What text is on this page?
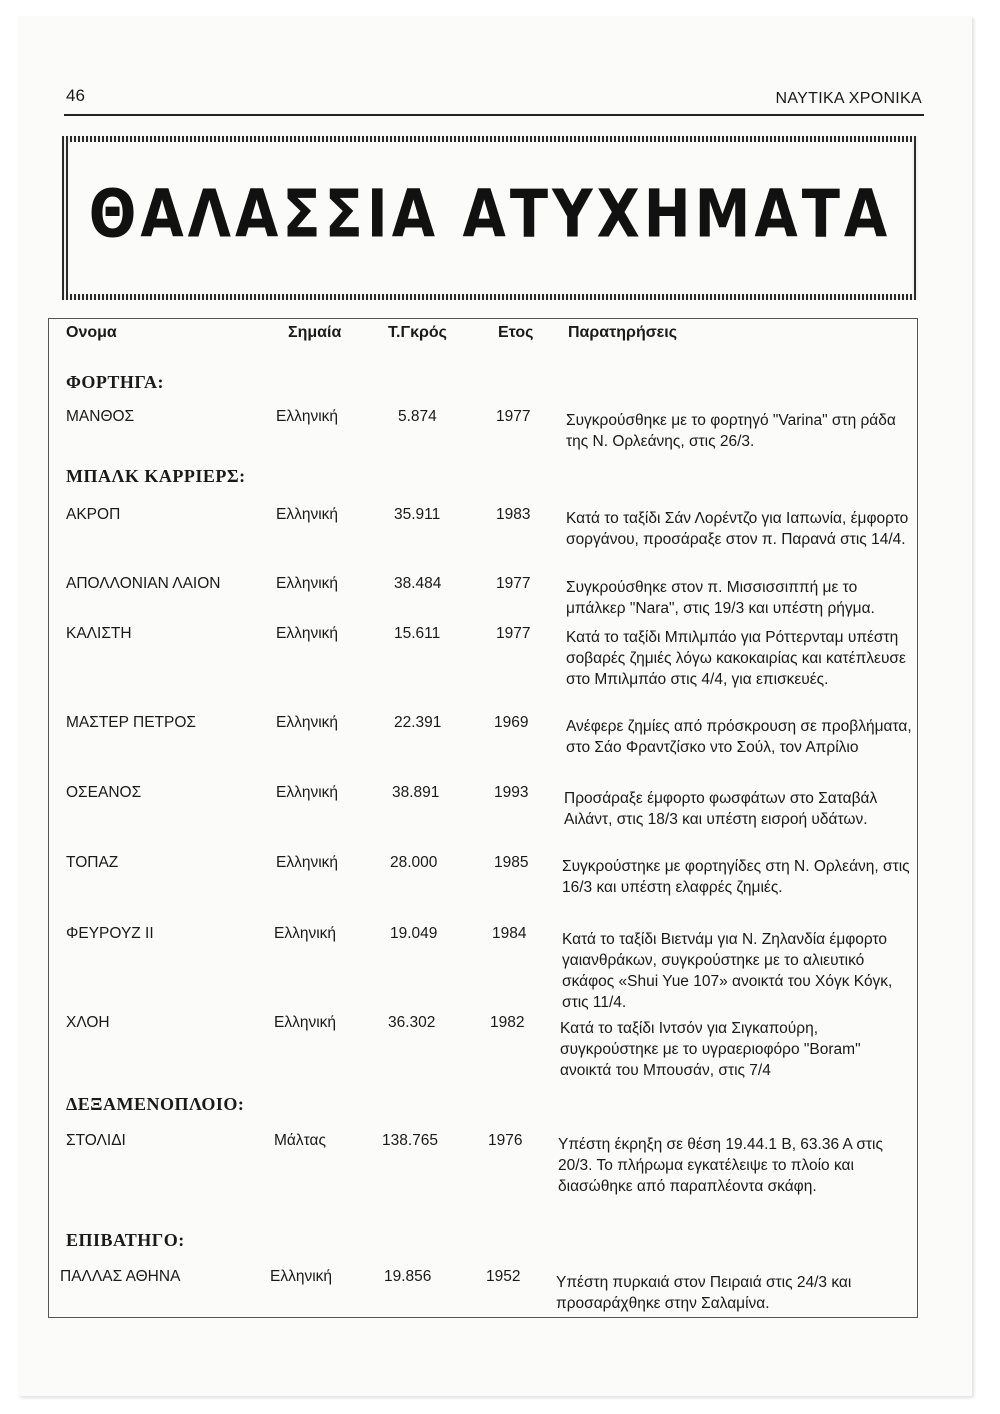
46	ΝΑΥΤΙΚΑ ΧΡΟΝΙΚΑ
ΘΑΛΑΣΣΙΑ ΑΤΥΧΗΜΑΤΑ
Ονομα	Σημαία	Τ.Γκρός	Ετος Παρατηρήσεις
ΦΟΡΤΗΓΑ:
ΜΑΝΘΟΣ	Ελληνική	5.874	1977 Συγκρούσθηκε με το φορτηγό "Varina" στη ράδα της Ν. Ορλεάνης, στις 26/3.
ΜΠΑΛΚ ΚΑΡΡΙΕΡΣ:
ΑΚΡΟΠ	Ελληνική	35.911	1983 Κατά το ταξίδι Σάν Λορέντζο για Ιαπωνία, έμφορτο σοργάνου, προσάραξε στον π. Παρανά στις 14/4.
ΑΠΟΛΛΟΝΙΑΝ ΛΑΙΟΝ	Ελληνική	38.484	1977 Συγκρούσθηκε στον π. Μισσισσιππή με το μπάλκερ "Nara", στις 19/3 και υπέστη ρήγμα.
ΚΑΛΙΣΤΗ	Ελληνική	15.611	1977 Κατά το ταξίδι Μπιλμπάο για Ρόττερνταμ υπέστη σοβαρές ζημιές λόγω κακοκαιρίας και κατέπλευσε στο Μπιλμπάο στις 4/4, για επισκευές.
ΜΑΣΤΕΡ ΠΕΤΡΟΣ	Ελληνική	22.391	1969 Ανέφερε ζημίες από πρόσκρουση σε προβλήματα, στο Σάο Φραντζίσκο ντο Σούλ, τον Απρίλιο
ΟΣΕΑΝΟΣ	Ελληνική	38.891	1993 Προσάραξε έμφορτο φωσφάτων στο Σαταβάλ Αιλάντ, στις 18/3 και υπέστη εισροή υδάτων.
ΤΟΠΑΖ	Ελληνική	28.000	1985 Συγκρούστηκε με φορτηγίδες στη Ν. Ορλεάνη, στις 16/3 και υπέστη ελαφρές ζημιές.
ΦΕΥΡΟΥΖ ΙΙ	Ελληνική	19.049	1984 Κατά το ταξίδι Βιετνάμ για Ν. Ζηλανδία έμφορτο γαιανθράκων, συγκρούστηκε με το αλιευτικό σκάφος «Shui Yue 107» ανοικτά του Χόγκ Κόγκ, στις 11/4.
ΧΛΟΗ	Ελληνική	36.302	1982 Κατά το ταξίδι Ιντσόν για Σιγκαπούρη, συγκρούστηκε με το υγραεριοφόρο "Boram" ανοικτά του Μπουσάν, στις 7/4
ΔΕΞΑΜΕΝΟΠΛΟΙΟ:
ΣΤΟΛΙΔΙ	Μάλτας	138.765	1976 Υπέστη έκρηξη σε θέση 19.44.1 Β, 63.36 Α στις 20/3. Το πλήρωμα εγκατέλειψε το πλοίο και διασώθηκε από παραπλέοντα σκάφη.
ΕΠΙΒΑΤΗΓΟ:
ΠΑΛΛΑΣ ΑΘΗΝΑ	Ελληνική	19.856	1952 Υπέστη πυρκαιά στον Πειραιά στις 24/3 και προσαράχθηκε στην Σαλαμίνα.
